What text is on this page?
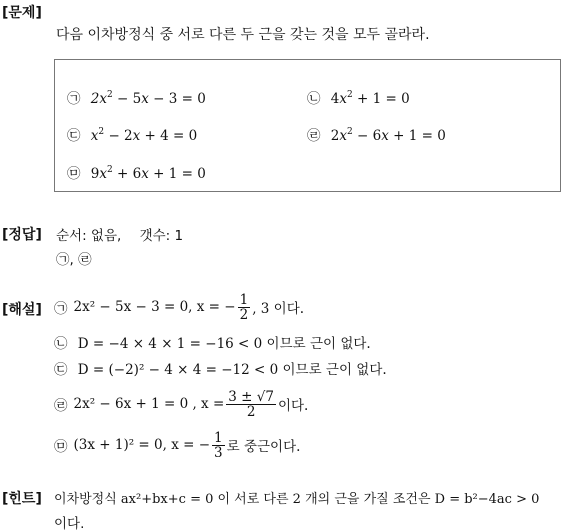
[문제]
다음 이차방정식 중 서로 다른 두 근을 갖는 것을 모두 골라라.
㉠ $2x^2 - 5x - 3 = 0$	㉡ $4x^2 + 1 = 0$
㉢ $x^2 - 2x + 4 = 0$	㉣ $2x^2 - 6x + 1 = 0$
㉤ $9x^2 + 6x + 1 = 0$
[정답] 순서: 없음, 갯수: 1
㉠, ㉣
[해설] ㉠ 2x² − 5x − 3 = 0, x = − $\frac{1}{2}$ , 3 이다.
㉡ D = −4 × 4 × 1 = −16 < 0 이므로 근이 없다.
㉢ D = (−2)² − 4 × 4 = −12 < 0 이므로 근이 없다.
㉣ 2x² − 6x + 1 = 0 , $x = \frac{3 \pm √7}{2}$ 이다.
㉤ (3x + 1)² = 0, x = − $\frac{1}{3}$ 로 중근이다.
[힌트] 이차방정식 ax²+bx+c = 0 이 서로 다른 2 개의 근을 가질 조건은 D = b²−4ac > 0
이다.
